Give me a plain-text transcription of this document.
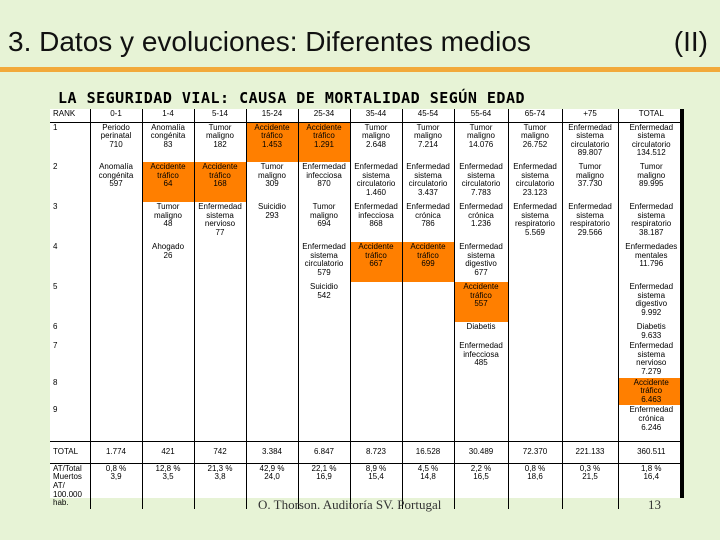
3. Datos y evoluciones: Diferentes medios	(II)
LA SEGURIDAD VIAL: CAUSA DE MORTALIDAD SEGÚN EDAD
RANK	0-1	1-4	5-14	15-24	25-34	35-44	45-54	55-64	65-74	+75	TOTAL
1	Periodo
perinatal
710	Anomalía
congénita
83	Tumor
maligno
182	Accidente
tráfico
1.453	Accidente
tráfico
1.291	Tumor
maligno
2.648	Tumor
maligno
7.214	Tumor
maligno
14.076	Tumor
maligno
26.752	Enfermedad
sistema
circulatorio
89.807	Enfermedad
sistema
circulatorio
134.512
2	Anomalía
congénita
597	Accidente
tráfico
64	Accidente
tráfico
168	Tumor
maligno
309	Enfermedad
infecciosa
870	Enfermedad
sistema
circulatorio
1.460	Enfermedad
sistema
circulatorio
3.437	Enfermedad
sistema
circulatorio
7.783	Enfermedad
sistema
circulatorio
23.123	Tumor
maligno
37.730	Tumor
maligno
89.995
3		Tumor
maligno
48	Enfermedad
sistema
nervioso
77	Suicidio
293	Tumor
maligno
694	Enfermedad
infecciosa
868	Enfermedad
crónica
786	Enfermedad
crónica
1.236	Enfermedad
sistema
respiratorio
5.569	Enfermedad
sistema
respiratorio
29.566	Enfermedad
sistema
respiratorio
38.187
4		Ahogado
26			Enfermedad
sistema
circulatorio
579	Accidente
tráfico
667	Accidente
tráfico
699	Enfermedad
sistema
digestivo
677			Enfermedades
mentales
11.796
5					Suicidio
542			Accidente
tráfico
557			Enfermedad
sistema
digestivo
9.992
6								Diabetis			Diabetis
9.633
7								Enfermedad
infecciosa
485			Enfermedad
sistema
nervioso
7.279
8											Accidente
tráfico
6.463
9											Enfermedad
crónica
6.246
TOTAL	1.774	421	742	3.384	6.847	8.723	16.528	30.489	72.370	221.133	360.511
AT/Total
Muertos
AT/
100.000
hab.	0,8 %
3,9	12,8 %
3,5	21,3 %
3,8	42,9 %
24,0	22,1 %
16,9	8,9 %
15,4	4,5 %
14,8	2,2 %
16,5	0,8 %
18,6	0,3 %
21,5	1,8 %
16,4
O. Thorson. Auditoría SV. Portugal	13
